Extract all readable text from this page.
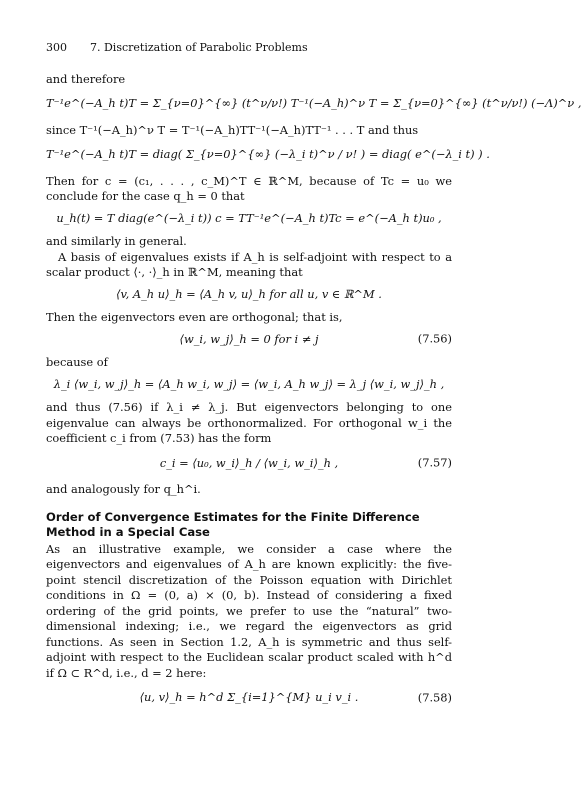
300	7. Discretization of Parabolic Problems

and therefore

T⁻¹e^(−A_h t)T = Σ_{ν=0}^{∞} (t^ν/ν!) T⁻¹(−A_h)^ν T = Σ_{ν=0}^{∞} (t^ν/ν!) (−Λ)^ν ,

since T⁻¹(−A_h)^ν T = T⁻¹(−A_h)TT⁻¹(−A_h)TT⁻¹ . . . T and thus

T⁻¹e^(−A_h t)T = diag( Σ_{ν=0}^{∞} (−λ_i t)^ν / ν! ) = diag( e^(−λ_i t) ) .

Then for c = (c₁, . . . , c_M)^T ∈ ℝ^M, because of Tc = u₀ we conclude for the case q_h = 0 that

u_h(t) = T diag(e^(−λ_i t)) c = TT⁻¹e^(−A_h t)Tc = e^(−A_h t)u₀ ,

and similarly in general.

A basis of eigenvalues exists if A_h is self-adjoint with respect to a scalar product ⟨·, ·⟩_h in ℝ^M, meaning that

⟨v, A_h u⟩_h = ⟨A_h v, u⟩_h for all u, v ∈ ℝ^M .

Then the eigenvectors even are orthogonal; that is,

⟨w_i, w_j⟩_h = 0 for i ≠ j	(7.56)

because of

λ_i ⟨w_i, w_j⟩_h = ⟨A_h w_i, w_j⟩ = ⟨w_i, A_h w_j⟩ = λ_j ⟨w_i, w_j⟩_h ,

and thus (7.56) if λ_i ≠ λ_j. But eigenvectors belonging to one eigenvalue can always be orthonormalized. For orthogonal w_i the coefficient c_i from (7.53) has the form

c_i = ⟨u₀, w_i⟩_h / ⟨w_i, w_i⟩_h ,	(7.57)

and analogously for q_h^i.

Order of Convergence Estimates for the Finite Difference Method in a Special Case

As an illustrative example, we consider a case where the eigenvectors and eigenvalues of A_h are known explicitly: the five-point stencil discretization of the Poisson equation with Dirichlet conditions in Ω = (0, a) × (0, b). Instead of considering a fixed ordering of the grid points, we prefer to use the “natural” two-dimensional indexing; i.e., we regard the eigenvectors as grid functions. As seen in Section 1.2, A_h is symmetric and thus self-adjoint with respect to the Euclidean scalar product scaled with h^d if Ω ⊂ R^d, i.e., d = 2 here:

⟨u, v⟩_h = h^d Σ_{i=1}^{M} u_i v_i .	(7.58)
